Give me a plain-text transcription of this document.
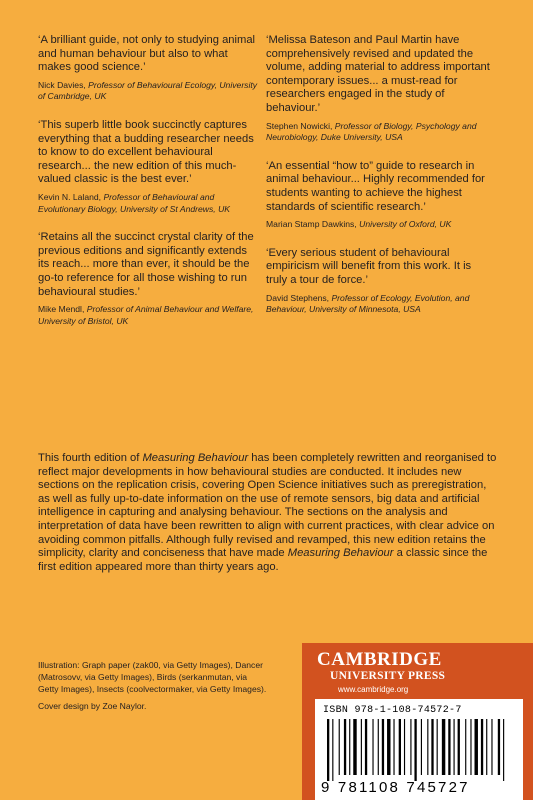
‘A brilliant guide, not only to studying animal and human behaviour but also to what makes good science.’

Nick Davies, Professor of Behavioural Ecology, University of Cambridge, UK

‘This superb little book succinctly captures everything that a budding researcher needs to know to do excellent behavioural research... the new edition of this much-valued classic is the best ever.’

Kevin N. Laland, Professor of Behavioural and Evolutionary Biology, University of St Andrews, UK

‘Retains all the succinct crystal clarity of the previous editions and significantly extends its reach... more than ever, it should be the go-to reference for all those wishing to run behavioural studies.’

Mike Mendl, Professor of Animal Behaviour and Welfare, University of Bristol, UK

‘Melissa Bateson and Paul Martin have comprehensively revised and updated the volume, adding material to address important contemporary issues... a must-read for researchers engaged in the study of behaviour.’

Stephen Nowicki, Professor of Biology, Psychology and Neurobiology, Duke University, USA

‘An essential “how to” guide to research in animal behaviour... Highly recommended for students wanting to achieve the highest standards of scientific research.’

Marian Stamp Dawkins, University of Oxford, UK

‘Every serious student of behavioural empiricism will benefit from this work. It is truly a tour de force.’

David Stephens, Professor of Ecology, Evolution, and Behaviour, University of Minnesota, USA

This fourth edition of Measuring Behaviour has been completely rewritten and reorganised to reflect major developments in how behavioural studies are conducted. It includes new sections on the replication crisis, covering Open Science initiatives such as preregistration, as well as fully up-to-date information on the use of remote sensors, big data and artificial intelligence in capturing and analysing behaviour. The sections on the analysis and interpretation of data have been rewritten to align with current practices, with clear advice on avoiding common pitfalls. Although fully revised and revamped, this new edition retains the simplicity, clarity and conciseness that have made Measuring Behaviour a classic since the first edition appeared more than thirty years ago.

Illustration: Graph paper (zak00, via Getty Images), Dancer (Matrosovv, via Getty Images), Birds (serkanmutan, via Getty Images), Insects (coolvectormaker, via Getty Images).

Cover design by Zoe Naylor.

CAMBRIDGE

UNIVERSITY PRESS

www.cambridge.org

ISBN 978-1-108-74572-7

9 781108 745727
